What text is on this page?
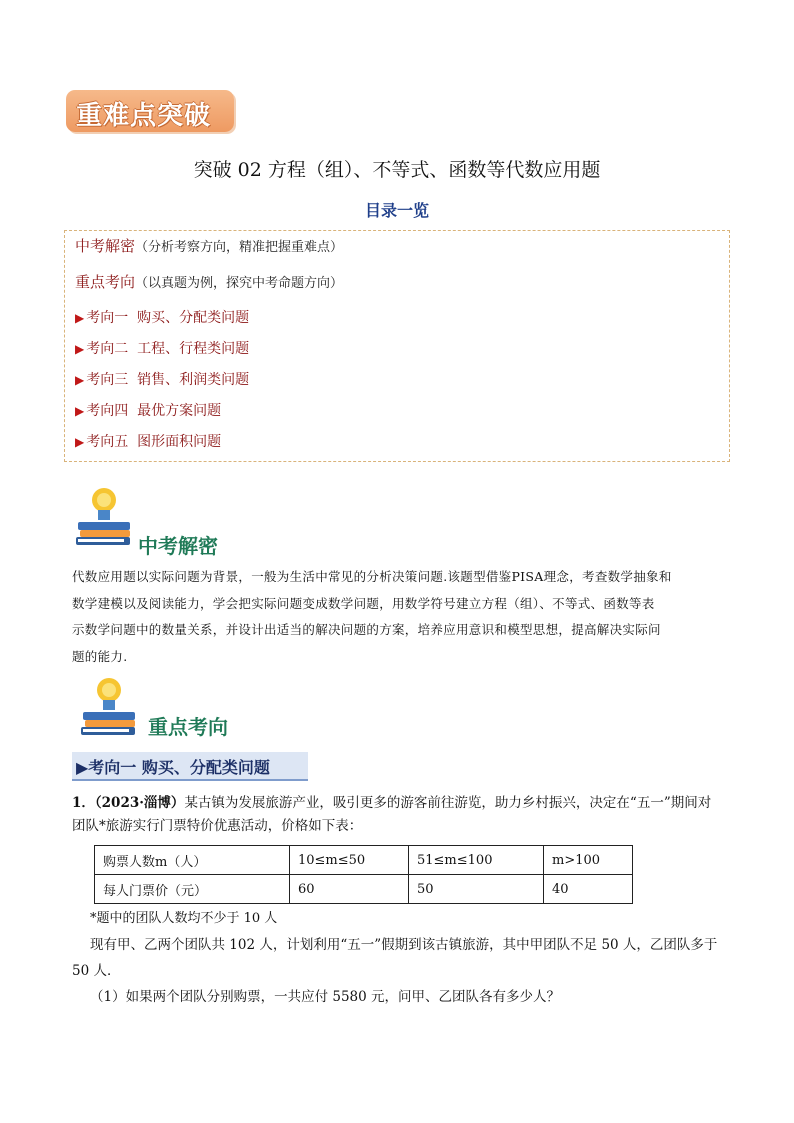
重难点突破
突破 02 方程（组）、不等式、函数等代数应用题
目录一览
中考解密（分析考察方向，精准把握重难点）
重点考向（以真题为例，探究中考命题方向）
▶ 考向一 购买、分配类问题
▶ 考向二 工程、行程类问题
▶ 考向三 销售、利润类问题
▶ 考向四 最优方案问题
▶ 考向五 图形面积问题
中考解密
代数应用题以实际问题为背景，一般为生活中常见的分析决策问题.该题型借鉴PISA理念，考查数学抽象和
数学建模以及阅读能力，学会把实际问题变成数学问题，用数学符号建立方程（组）、不等式、函数等表
示数学问题中的数量关系，并设计出适当的解决问题的方案，培养应用意识和模型思想，提高解决实际问
题的能力.
重点考向
▶考向一 购买、分配类问题
1．（2023·淄博）某古镇为发展旅游产业，吸引更多的游客前往游览，助力乡村振兴，决定在“五一”期间对
团队*旅游实行门票特价优惠活动，价格如下表：
购票人数m（人）	10≤m≤50	51≤m≤100	m>100
每人门票价（元）	60	50	40
*题中的团队人数均不少于 10 人
现有甲、乙两个团队共 102 人，计划利用“五一”假期到该古镇旅游，其中甲团队不足 50 人，乙团队多于
50 人．
（1）如果两个团队分别购票，一共应付 5580 元，问甲、乙团队各有多少人？
